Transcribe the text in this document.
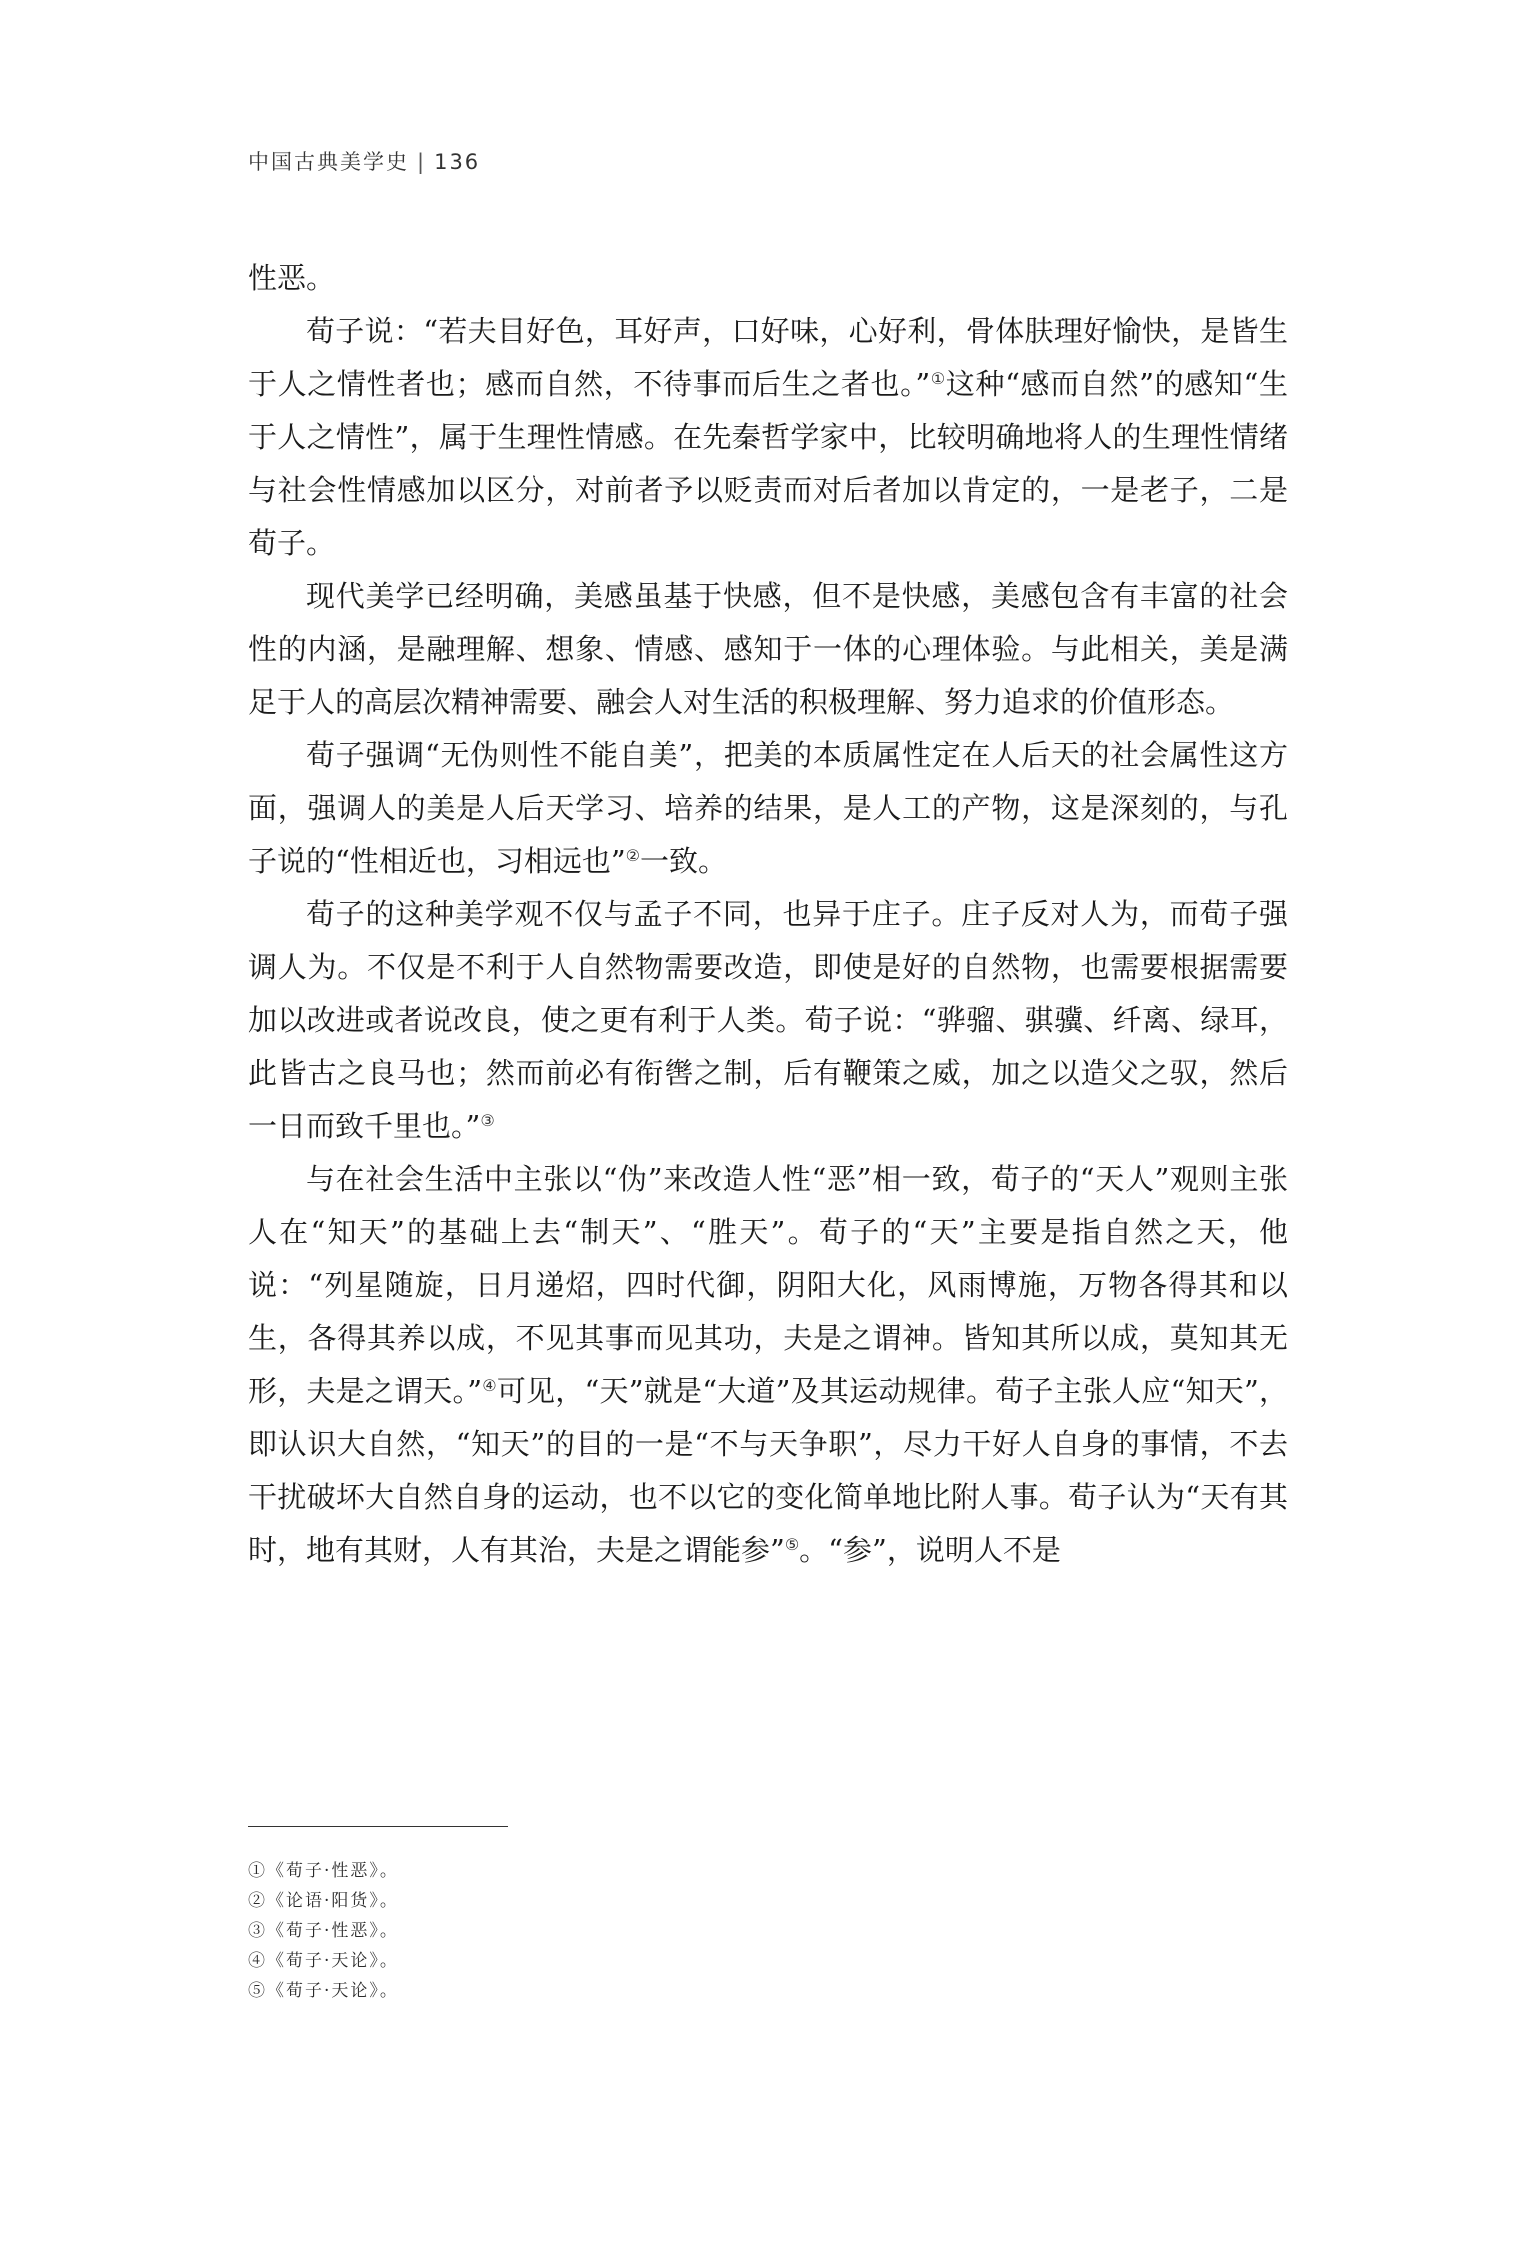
中国古典美学史 | 136

性恶。

荀子说：“若夫目好色，耳好声，口好味，心好利，骨体肤理好愉快，是皆生于人之情性者也；感而自然，不待事而后生之者也。”①这种“感而自然”的感知“生于人之情性”，属于生理性情感。在先秦哲学家中，比较明确地将人的生理性情绪与社会性情感加以区分，对前者予以贬责而对后者加以肯定的，一是老子，二是荀子。

现代美学已经明确，美感虽基于快感，但不是快感，美感包含有丰富的社会性的内涵，是融理解、想象、情感、感知于一体的心理体验。与此相关，美是满足于人的高层次精神需要、融会人对生活的积极理解、努力追求的价值形态。

荀子强调“无伪则性不能自美”，把美的本质属性定在人后天的社会属性这方面，强调人的美是人后天学习、培养的结果，是人工的产物，这是深刻的，与孔子说的“性相近也，习相远也”②一致。

荀子的这种美学观不仅与孟子不同，也异于庄子。庄子反对人为，而荀子强调人为。不仅是不利于人自然物需要改造，即使是好的自然物，也需要根据需要加以改进或者说改良，使之更有利于人类。荀子说：“骅骝、骐骥、纤离、绿耳，此皆古之良马也；然而前必有衔辔之制，后有鞭策之威，加之以造父之驭，然后一日而致千里也。”③

与在社会生活中主张以“伪”来改造人性“恶”相一致，荀子的“天人”观则主张人在“知天”的基础上去“制天”、“胜天”。荀子的“天”主要是指自然之天，他说：“列星随旋，日月递炤，四时代御，阴阳大化，风雨博施，万物各得其和以生，各得其养以成，不见其事而见其功，夫是之谓神。皆知其所以成，莫知其无形，夫是之谓天。”④可见，“天”就是“大道”及其运动规律。荀子主张人应“知天”，即认识大自然，“知天”的目的一是“不与天争职”，尽力干好人自身的事情，不去干扰破坏大自然自身的运动，也不以它的变化简单地比附人事。荀子认为“天有其时，地有其财，人有其治，夫是之谓能参”⑤。“参”，说明人不是

①《荀子·性恶》。
②《论语·阳货》。
③《荀子·性恶》。
④《荀子·天论》。
⑤《荀子·天论》。
